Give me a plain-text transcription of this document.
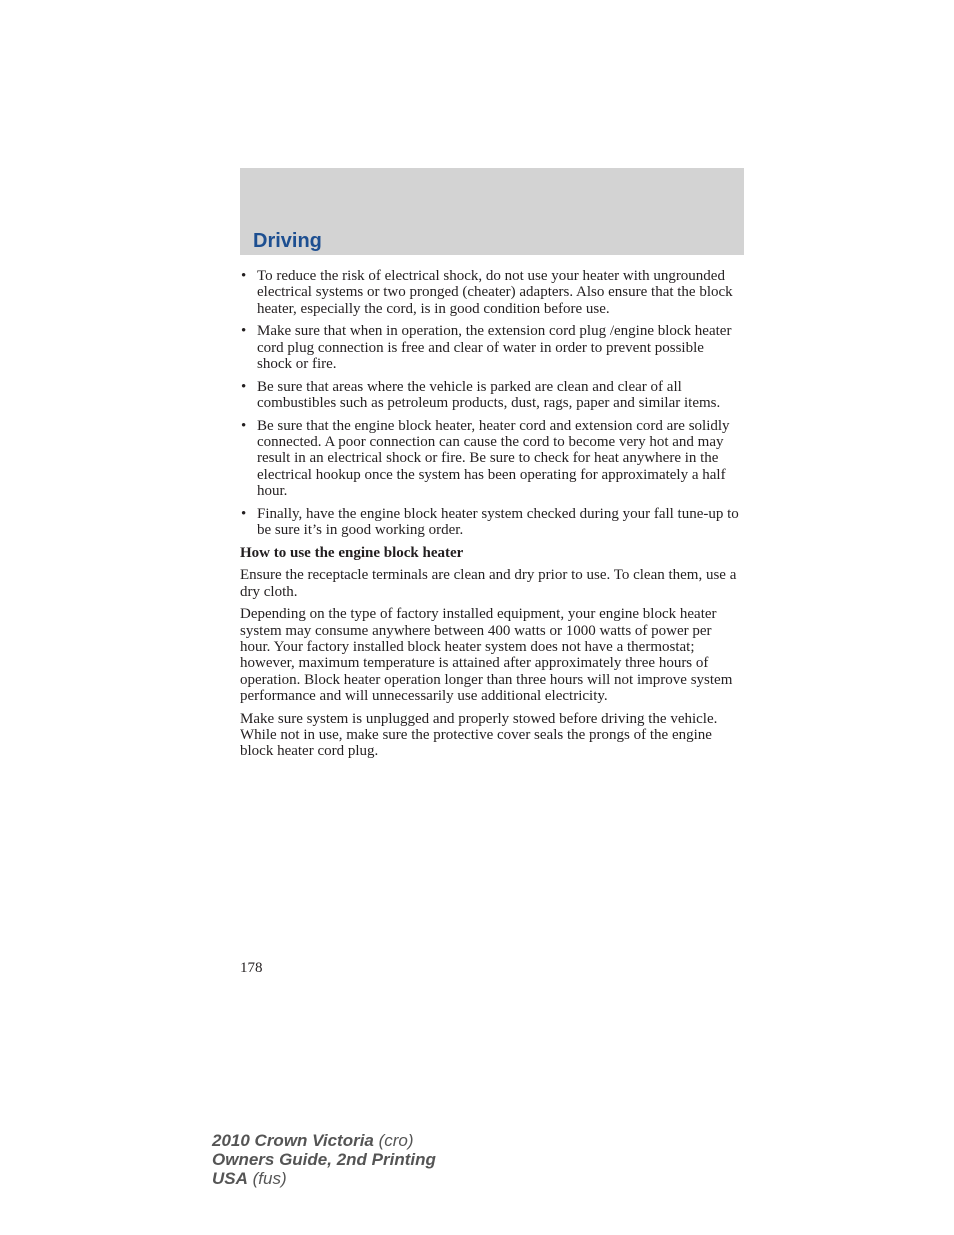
Driving
• To reduce the risk of electrical shock, do not use your heater with ungrounded electrical systems or two pronged (cheater) adapters. Also ensure that the block heater, especially the cord, is in good condition before use.
• Make sure that when in operation, the extension cord plug /engine block heater cord plug connection is free and clear of water in order to prevent possible shock or fire.
• Be sure that areas where the vehicle is parked are clean and clear of all combustibles such as petroleum products, dust, rags, paper and similar items.
• Be sure that the engine block heater, heater cord and extension cord are solidly connected. A poor connection can cause the cord to become very hot and may result in an electrical shock or fire. Be sure to check for heat anywhere in the electrical hookup once the system has been operating for approximately a half hour.
• Finally, have the engine block heater system checked during your fall tune-up to be sure it’s in good working order.

How to use the engine block heater

Ensure the receptacle terminals are clean and dry prior to use. To clean them, use a dry cloth.

Depending on the type of factory installed equipment, your engine block heater system may consume anywhere between 400 watts or 1000 watts of power per hour. Your factory installed block heater system does not have a thermostat; however, maximum temperature is attained after approximately three hours of operation. Block heater operation longer than three hours will not improve system performance and will unnecessarily use additional electricity.

Make sure system is unplugged and properly stowed before driving the vehicle. While not in use, make sure the protective cover seals the prongs of the engine block heater cord plug.

178
2010 Crown Victoria (cro)
Owners Guide, 2nd Printing
USA (fus)
